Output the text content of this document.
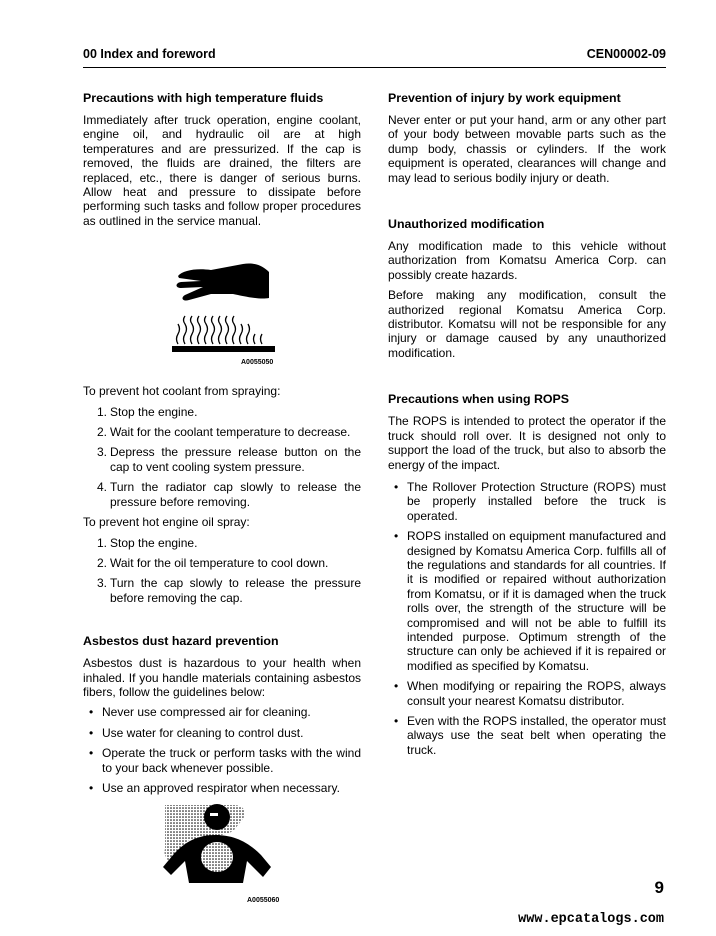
00 Index and foreword	CEN00002-09
Precautions with high temperature fluids

Immediately after truck operation, engine coolant, engine oil, and hydraulic oil are at high temperatures and are pressurized. If the cap is removed, the fluids are drained, the filters are replaced, etc., there is danger of serious burns. Allow heat and pressure to dissipate before performing such tasks and follow proper procedures as outlined in the service manual.

A0055050

To prevent hot coolant from spraying:

1. Stop the engine.
2. Wait for the coolant temperature to decrease.
3. Depress the pressure release button on the cap to vent cooling system pressure.
4. Turn the radiator cap slowly to release the pressure before removing.

To prevent hot engine oil spray:

1. Stop the engine.
2. Wait for the oil temperature to cool down.
3. Turn the cap slowly to release the pressure before removing the cap.
Asbestos dust hazard prevention

Asbestos dust is hazardous to your health when inhaled. If you handle materials containing asbestos fibers, follow the guidelines below:

• Never use compressed air for cleaning.
• Use water for cleaning to control dust.
• Operate the truck or perform tasks with the wind to your back whenever possible.
• Use an approved respirator when necessary.
A0055060
Prevention of injury by work equipment

Never enter or put your hand, arm or any other part of your body between movable parts such as the dump body, chassis or cylinders. If the work equipment is operated, clearances will change and may lead to serious bodily injury or death.

Unauthorized modification

Any modification made to this vehicle without authorization from Komatsu America Corp. can possibly create hazards.

Before making any modification, consult the authorized regional Komatsu America Corp. distributor. Komatsu will not be responsible for any injury or damage caused by any unauthorized modification.

Precautions when using ROPS

The ROPS is intended to protect the operator if the truck should roll over. It is designed not only to support the load of the truck, but also to absorb the energy of the impact.

• The Rollover Protection Structure (ROPS) must be properly installed before the truck is operated.
• ROPS installed on equipment manufactured and designed by Komatsu America Corp. fulfills all of the regulations and standards for all countries. If it is modified or repaired without authorization from Komatsu, or if it is damaged when the truck rolls over, the strength of the structure will be compromised and will not be able to fulfill its intended purpose. Optimum strength of the structure can only be achieved if it is repaired or modified as specified by Komatsu.
• When modifying or repairing the ROPS, always consult your nearest Komatsu distributor.
• Even with the ROPS installed, the operator must always use the seat belt when operating the truck.
9
www.epcatalogs.com
